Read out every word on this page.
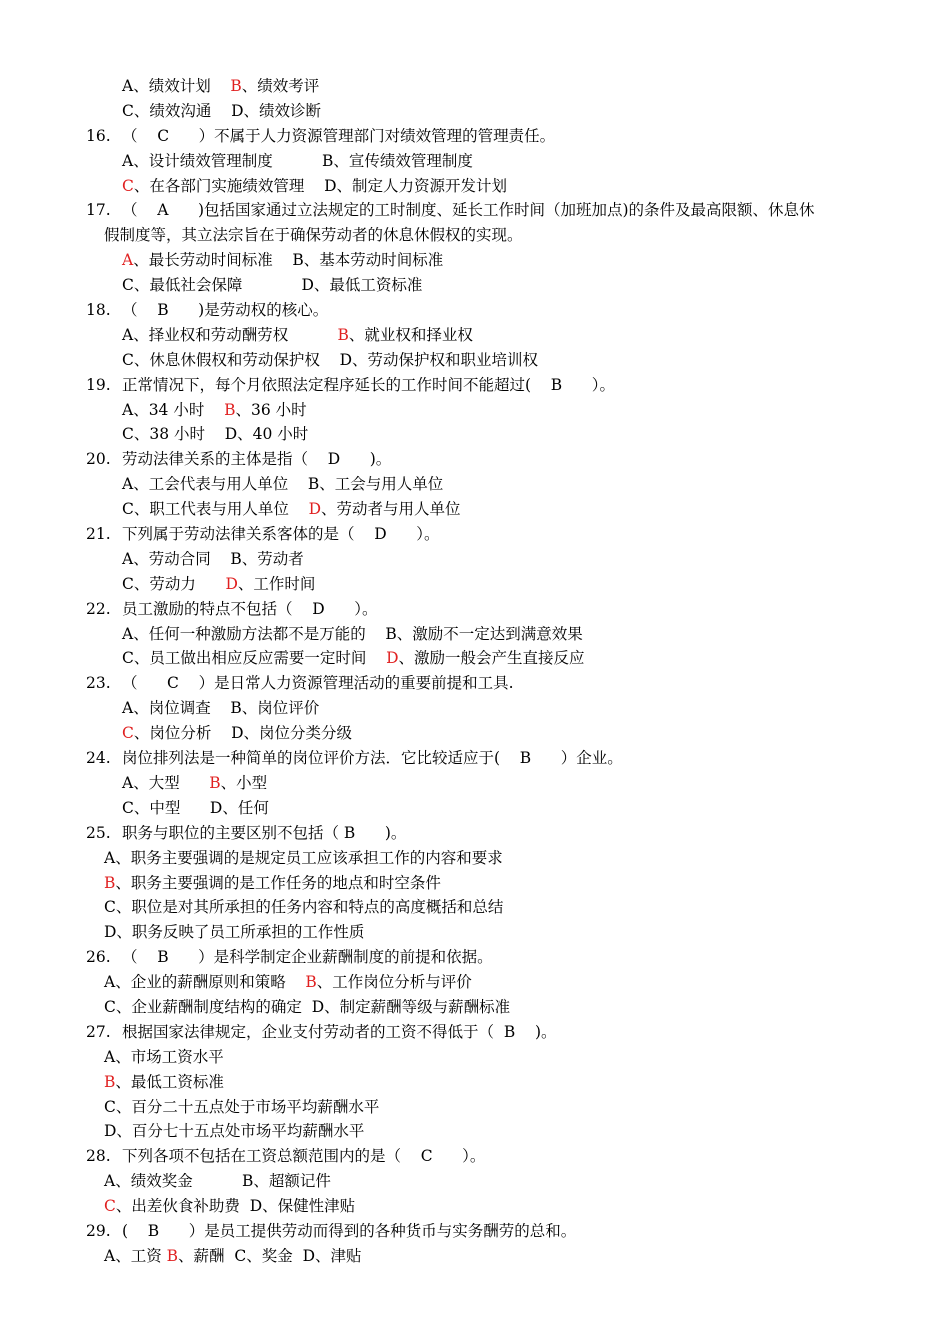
A、绩效计划    B、绩效考评
C、绩效沟通    D、绩效诊断
16. （    C      ）不属于人力资源管理部门对绩效管理的管理责任。
A、设计绩效管理制度          B、宣传绩效管理制度
C、在各部门实施绩效管理    D、制定人力资源开发计划
17. （    A      )包括国家通过立法规定的工时制度、延长工作时间（加班加点)的条件及最高限额、休息休
假制度等，其立法宗旨在于确保劳动者的休息休假权的实现。
A、最长劳动时间标准    B、基本劳动时间标准
C、最低社会保障            D、最低工资标准
18. （    B      )是劳动权的核心。
A、择业权和劳动酬劳权          B、就业权和择业权
C、休息休假权和劳动保护权    D、劳动保护权和职业培训权
19. 正常情况下，每个月依照法定程序延长的工作时间不能超过(    B      ）。
A、34 小时    B、36 小时
C、38 小时    D、40 小时
20. 劳动法律关系的主体是指（    D      )。
A、工会代表与用人单位    B、工会与用人单位
C、职工代表与用人单位    D、劳动者与用人单位
21. 下列属于劳动法律关系客体的是（    D      ）。
A、劳动合同    B、劳动者
C、劳动力      D、工作时间
22. 员工激励的特点不包括（    D      ）。
A、任何一种激励方法都不是万能的    B、激励不一定达到满意效果
C、员工做出相应反应需要一定时间    D、激励一般会产生直接反应
23. （      C    ）是日常人力资源管理活动的重要前提和工具.
A、岗位调查    B、岗位评价
C、岗位分析    D、岗位分类分级
24. 岗位排列法是一种简单的岗位评价方法．它比较适应于(    B      ）企业。
A、大型      B、小型
C、中型      D、任何
25. 职务与职位的主要区别不包括（ B      )。
A、职务主要强调的是规定员工应该承担工作的内容和要求
B、职务主要强调的是工作任务的地点和时空条件
C、职位是对其所承担的任务内容和特点的高度概括和总结
D、职务反映了员工所承担的工作性质
26. （    B      ）是科学制定企业薪酬制度的前提和依据。
A、企业的薪酬原则和策略    B、工作岗位分析与评价
C、企业薪酬制度结构的确定  D、制定薪酬等级与薪酬标准
27. 根据国家法律规定，企业支付劳动者的工资不得低于（  B    )。
A、市场工资水平
B、最低工资标准
C、百分二十五点处于市场平均薪酬水平
D、百分七十五点处市场平均薪酬水平
28. 下列各项不包括在工资总额范围内的是（    C      ）。
A、绩效奖金          B、超额记件
C、出差伙食补助费  D、保健性津贴
29. (    B      ）是员工提供劳动而得到的各种货币与实务酬劳的总和。
A、工资 B、薪酬  C、奖金  D、津贴
